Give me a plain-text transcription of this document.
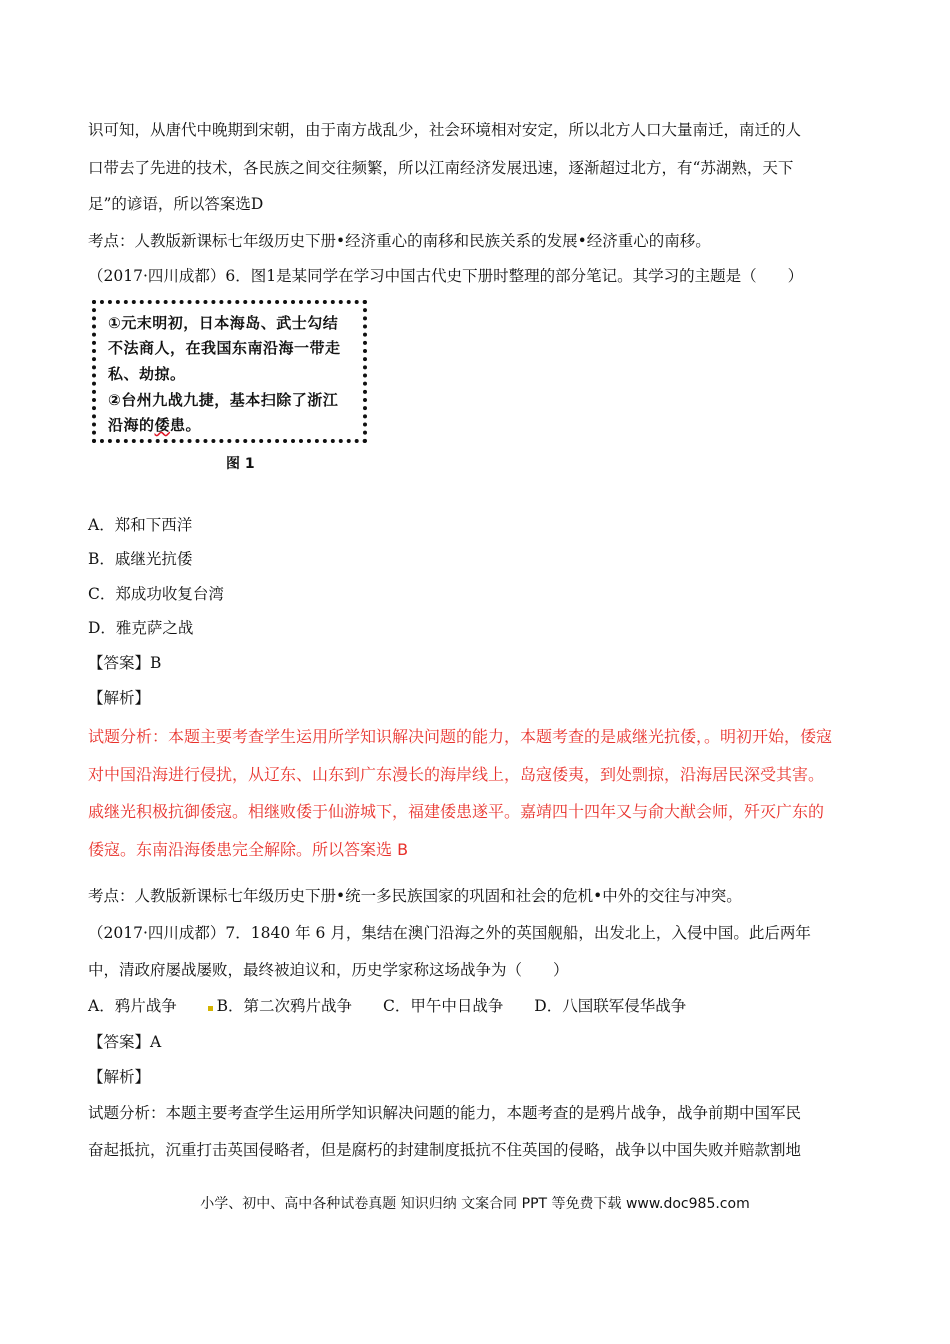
识可知，从唐代中晚期到宋朝，由于南方战乱少，社会环境相对安定，所以北方人口大量南迁，南迁的人
口带去了先进的技术，各民族之间交往频繁，所以江南经济发展迅速，逐渐超过北方，有“苏湖熟，天下
足”的谚语，所以答案选D
考点：人教版新课标七年级历史下册•经济重心的南移和民族关系的发展•经济重心的南移。
（2017·四川成都）6．图1是某同学在学习中国古代史下册时整理的部分笔记。其学习的主题是（　　）
①元末明初，日本海岛、武士勾结
不法商人，在我国东南沿海一带走
私、劫掠。
②台州九战九捷，基本扫除了浙江
沿海的倭患。
图 1
A．郑和下西洋
B．戚继光抗倭
C．郑成功收复台湾
D．雅克萨之战
【答案】B
【解析】
试题分析：本题主要考查学生运用所学知识解决问题的能力，本题考查的是戚继光抗倭，。明初开始，倭寇
对中国沿海进行侵扰，从辽东、山东到广东漫长的海岸线上，岛寇倭夷，到处剽掠，沿海居民深受其害。
戚继光积极抗御倭寇。相继败倭于仙游城下，福建倭患遂平。嘉靖四十四年又与俞大猷会师，歼灭广东的
倭寇。东南沿海倭患完全解除。所以答案选 B
考点：人教版新课标七年级历史下册•统一多民族国家的巩固和社会的危机•中外的交往与冲突。
（2017·四川成都）7．1840 年 6 月，集结在澳门沿海之外的英国舰船，出发北上，入侵中国。此后两年
中，清政府屡战屡败，最终被迫议和，历史学家称这场战争为（　　）
A．鸦片战争	B．第二次鸦片战争 C．甲午中日战争 D．八国联军侵华战争
【答案】A
【解析】
试题分析：本题主要考查学生运用所学知识解决问题的能力，本题考查的是鸦片战争，战争前期中国军民
奋起抵抗，沉重打击英国侵略者，但是腐朽的封建制度抵抗不住英国的侵略，战争以中国失败并赔款割地
小学、初中、高中各种试卷真题 知识归纳 文案合同 PPT 等免费下载 www.doc985.com
